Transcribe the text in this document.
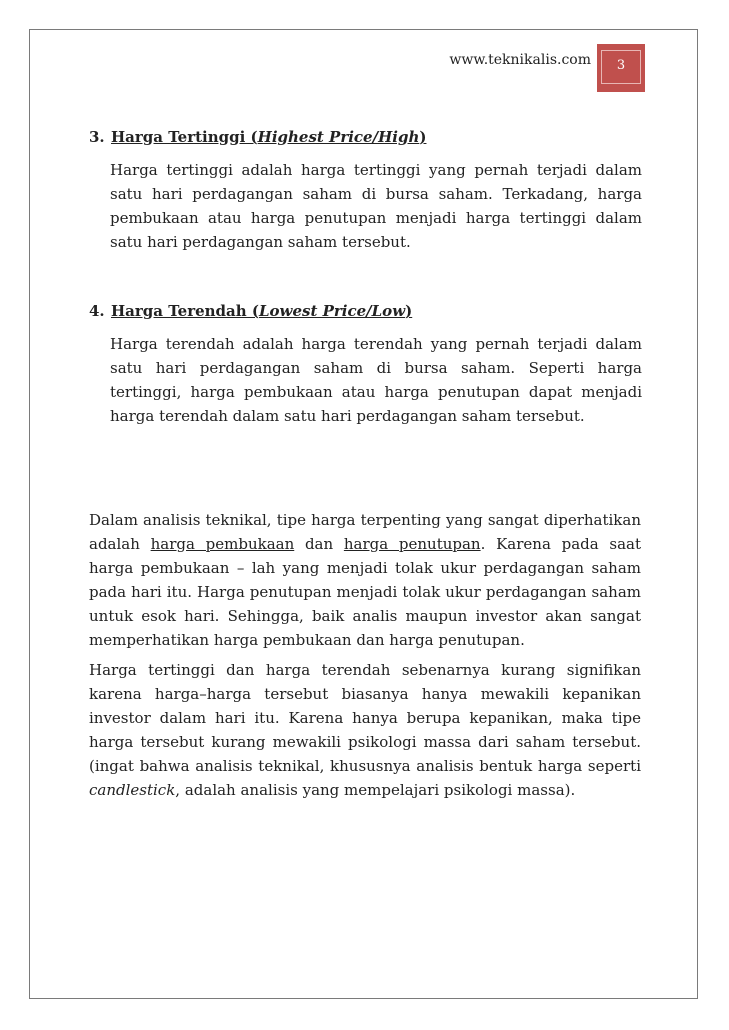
www.teknikalis.com	3
3. Harga Tertinggi (Highest Price/High)
Harga tertinggi adalah harga tertinggi yang pernah terjadi dalam satu hari perdagangan saham di bursa saham. Terkadang, harga pembukaan atau harga penutupan menjadi harga tertinggi dalam satu hari perdagangan saham tersebut.
4. Harga Terendah (Lowest Price/Low)
Harga terendah adalah harga terendah yang pernah terjadi dalam satu hari perdagangan saham di bursa saham. Seperti harga tertinggi, harga pembukaan atau harga penutupan dapat menjadi harga terendah dalam satu hari perdagangan saham tersebut.

Dalam analisis teknikal, tipe harga terpenting yang sangat diperhatikan adalah harga pembukaan dan harga penutupan. Karena pada saat harga pembukaan – lah yang menjadi tolak ukur perdagangan saham pada hari itu. Harga penutupan menjadi tolak ukur perdagangan saham untuk esok hari. Sehingga, baik analis maupun investor akan sangat memperhatikan harga pembukaan dan harga penutupan.

Harga tertinggi dan harga terendah sebenarnya kurang signifikan karena harga–harga tersebut biasanya hanya mewakili kepanikan investor dalam hari itu. Karena hanya berupa kepanikan, maka tipe harga tersebut kurang mewakili psikologi massa dari saham tersebut. (ingat bahwa analisis teknikal, khususnya analisis bentuk harga seperti candlestick, adalah analisis yang mempelajari psikologi massa).
